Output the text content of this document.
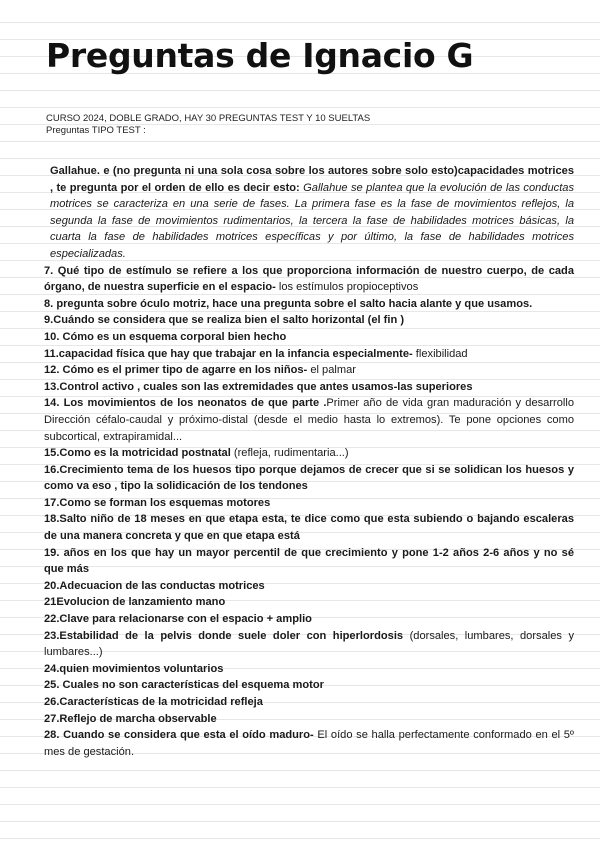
Preguntas de Ignacio G
CURSO 2024, DOBLE GRADO, HAY 30 PREGUNTAS TEST Y 10 SUELTAS
Preguntas TIPO TEST :

Gallahue. e (no pregunta ni una sola cosa sobre los autores sobre solo esto)capacidades motrices , te pregunta por el orden de ello es decir esto: Gallahue se plantea que la evolución de las conductas motrices se caracteriza en una serie de fases. La primera fase es la fase de movimientos reflejos, la segunda la fase de movimientos rudimentarios, la tercera la fase de habilidades motrices básicas, la cuarta la fase de habilidades motrices específicas y por último, la fase de habilidades motrices especializadas.

7. Qué tipo de estímulo se refiere a los que proporciona información de nuestro cuerpo, de cada órgano, de nuestra superficie en el espacio- los estímulos propioceptivos

8. pregunta sobre óculo motriz, hace una pregunta sobre el salto hacia alante y que usamos.

9.Cuándo se considera que se realiza bien el salto horizontal (el fin )

10. Cómo es un esquema corporal bien hecho

11.capacidad física que hay que trabajar en la infancia especialmente- flexibilidad

12. Cómo es el primer tipo de agarre en los niños- el palmar

13.Control activo , cuales son las extremidades que antes usamos-las superiores

14. Los movimientos de los neonatos de que parte .Primer año de vida gran maduración y desarrollo Dirección céfalo-caudal y próximo-distal (desde el medio hasta lo extremos). Te pone opciones como subcortical, extrapiramidal...

15.Como es la motricidad postnatal (refleja, rudimentaria...)

16.Crecimiento tema de los huesos tipo porque dejamos de crecer que si se solidican los huesos y como va eso , tipo la solidicación de los tendones

17.Como se forman los esquemas motores

18.Salto niño de 18 meses en que etapa esta, te dice como que esta subiendo o bajando escaleras de una manera concreta y que en que etapa está

19. años en los que hay un mayor percentil de que crecimiento y pone 1-2 años 2-6 años y no sé que más

20.Adecuacion de las conductas motrices

21Evolucion de lanzamiento mano

22.Clave para relacionarse con el espacio + amplio

23.Estabilidad de la pelvis donde suele doler con hiperlordosis (dorsales, lumbares, dorsales y lumbares...)

24.quien movimientos voluntarios

25. Cuales no son características del esquema motor

26.Características de la motricidad refleja

27.Reflejo de marcha observable

28. Cuando se considera que esta el oído maduro- El oído se halla perfectamente conformado en el 5º mes de gestación.
